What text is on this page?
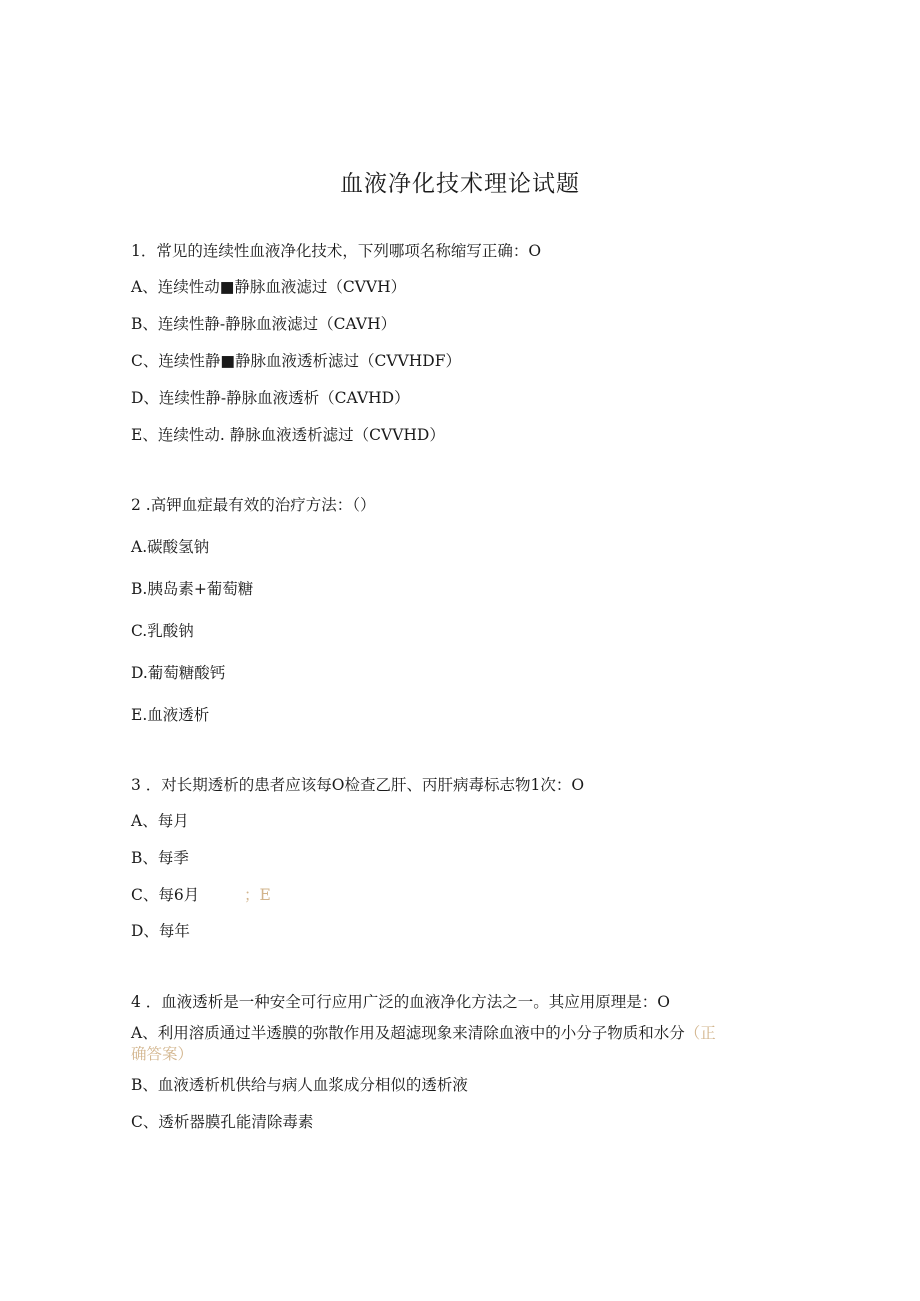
血液净化技术理论试题
1．常见的连续性血液净化技术，下列哪项名称缩写正确：O
A、连续性动■静脉血液滤过（CVVH）
B、连续性静-静脉血液滤过（CAVH）
C、连续性静■静脉血液透析滤过（CVVHDF）
D、连续性静-静脉血液透析（CAVHD）
E、连续性动. 静脉血液透析滤过（CVVHD）
2 .高钾血症最有效的治疗方法：（）
A.碳酸氢钠
B.胰岛素+葡萄糖
C.乳酸钠
D.葡萄糖酸钙
E.血液透析
3 ．对长期透析的患者应该每O检查乙肝、丙肝病毒标志物1次：O
A、每月
B、每季
C、每6月	；E
D、每年
4 ．血液透析是一种安全可行应用广泛的血液净化方法之一。其应用原理是：O
A、利用溶质通过半透膜的弥散作用及超滤现象来清除血液中的小分子物质和水分（正
确答案）
B、血液透析机供给与病人血浆成分相似的透析液
C、透析器膜孔能清除毒素
